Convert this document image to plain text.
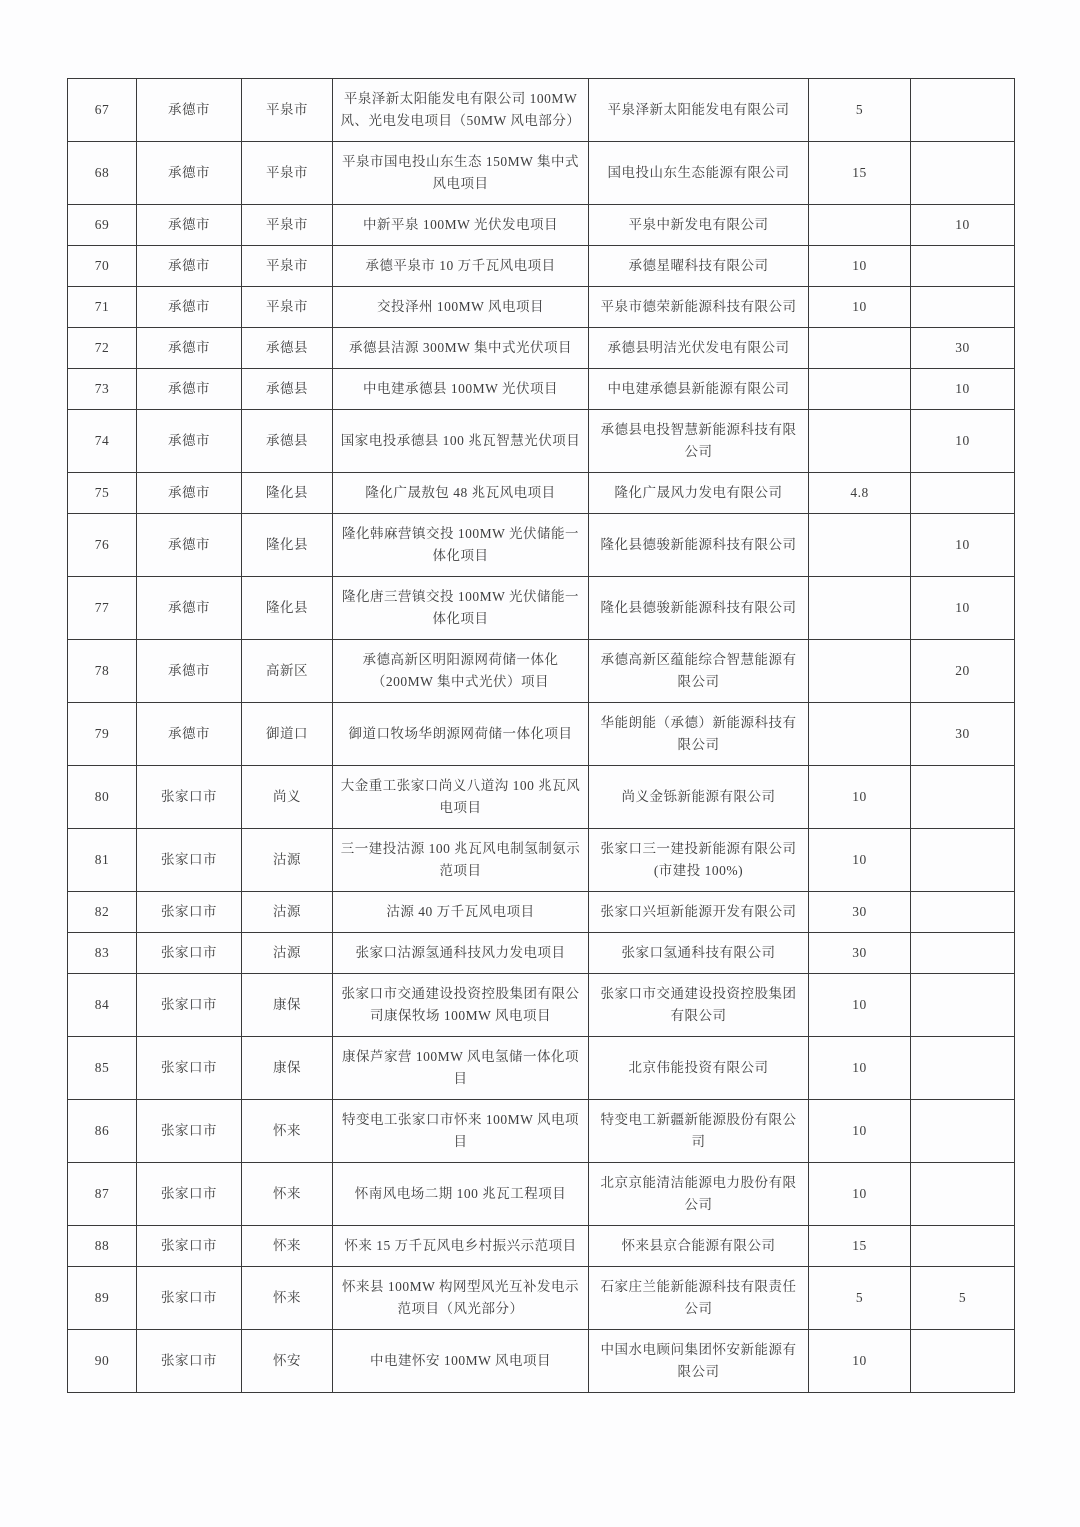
67	承德市	平泉市	平泉泽新太阳能发电有限公司 100MW 风、光电发电项目（50MW 风电部分）	平泉泽新太阳能发电有限公司	5	
68	承德市	平泉市	平泉市国电投山东生态 150MW 集中式风电项目	国电投山东生态能源有限公司	15	
69	承德市	平泉市	中新平泉 100MW 光伏发电项目	平泉中新发电有限公司		10
70	承德市	平泉市	承德平泉市 10 万千瓦风电项目	承德星曜科技有限公司	10	
71	承德市	平泉市	交投泽州 100MW 风电项目	平泉市德荣新能源科技有限公司	10	
72	承德市	承德县	承德县洁源 300MW 集中式光伏项目	承德县明洁光伏发电有限公司		30
73	承德市	承德县	中电建承德县 100MW 光伏项目	中电建承德县新能源有限公司		10
74	承德市	承德县	国家电投承德县 100 兆瓦智慧光伏项目	承德县电投智慧新能源科技有限公司		10
75	承德市	隆化县	隆化广晟敖包 48 兆瓦风电项目	隆化广晟风力发电有限公司	4.8	
76	承德市	隆化县	隆化韩麻营镇交投 100MW 光伏储能一体化项目	隆化县德骏新能源科技有限公司		10
77	承德市	隆化县	隆化唐三营镇交投 100MW 光伏储能一体化项目	隆化县德骏新能源科技有限公司		10
78	承德市	高新区	承德高新区明阳源网荷储一体化（200MW 集中式光伏）项目	承德高新区蕴能综合智慧能源有限公司		20
79	承德市	御道口	御道口牧场华朗源网荷储一体化项目	华能朗能（承德）新能源科技有限公司		30
80	张家口市	尚义	大金重工张家口尚义八道沟 100 兆瓦风电项目	尚义金铄新能源有限公司	10	
81	张家口市	沽源	三一建投沽源 100 兆瓦风电制氢制氨示范项目	张家口三一建投新能源有限公司(市建投 100%)	10	
82	张家口市	沽源	沽源 40 万千瓦风电项目	张家口兴垣新能源开发有限公司	30	
83	张家口市	沽源	张家口沽源氢通科技风力发电项目	张家口氢通科技有限公司	30	
84	张家口市	康保	张家口市交通建设投资控股集团有限公司康保牧场 100MW 风电项目	张家口市交通建设投资控股集团有限公司	10	
85	张家口市	康保	康保芦家营 100MW 风电氢储一体化项目	北京伟能投资有限公司	10	
86	张家口市	怀来	特变电工张家口市怀来 100MW 风电项目	特变电工新疆新能源股份有限公司	10	
87	张家口市	怀来	怀南风电场二期 100 兆瓦工程项目	北京京能清洁能源电力股份有限公司	10	
88	张家口市	怀来	怀来 15 万千瓦风电乡村振兴示范项目	怀来县京合能源有限公司	15	
89	张家口市	怀来	怀来县 100MW 构网型风光互补发电示范项目（风光部分）	石家庄兰能新能源科技有限责任公司	5	5
90	张家口市	怀安	中电建怀安 100MW 风电项目	中国水电顾问集团怀安新能源有限公司	10	
